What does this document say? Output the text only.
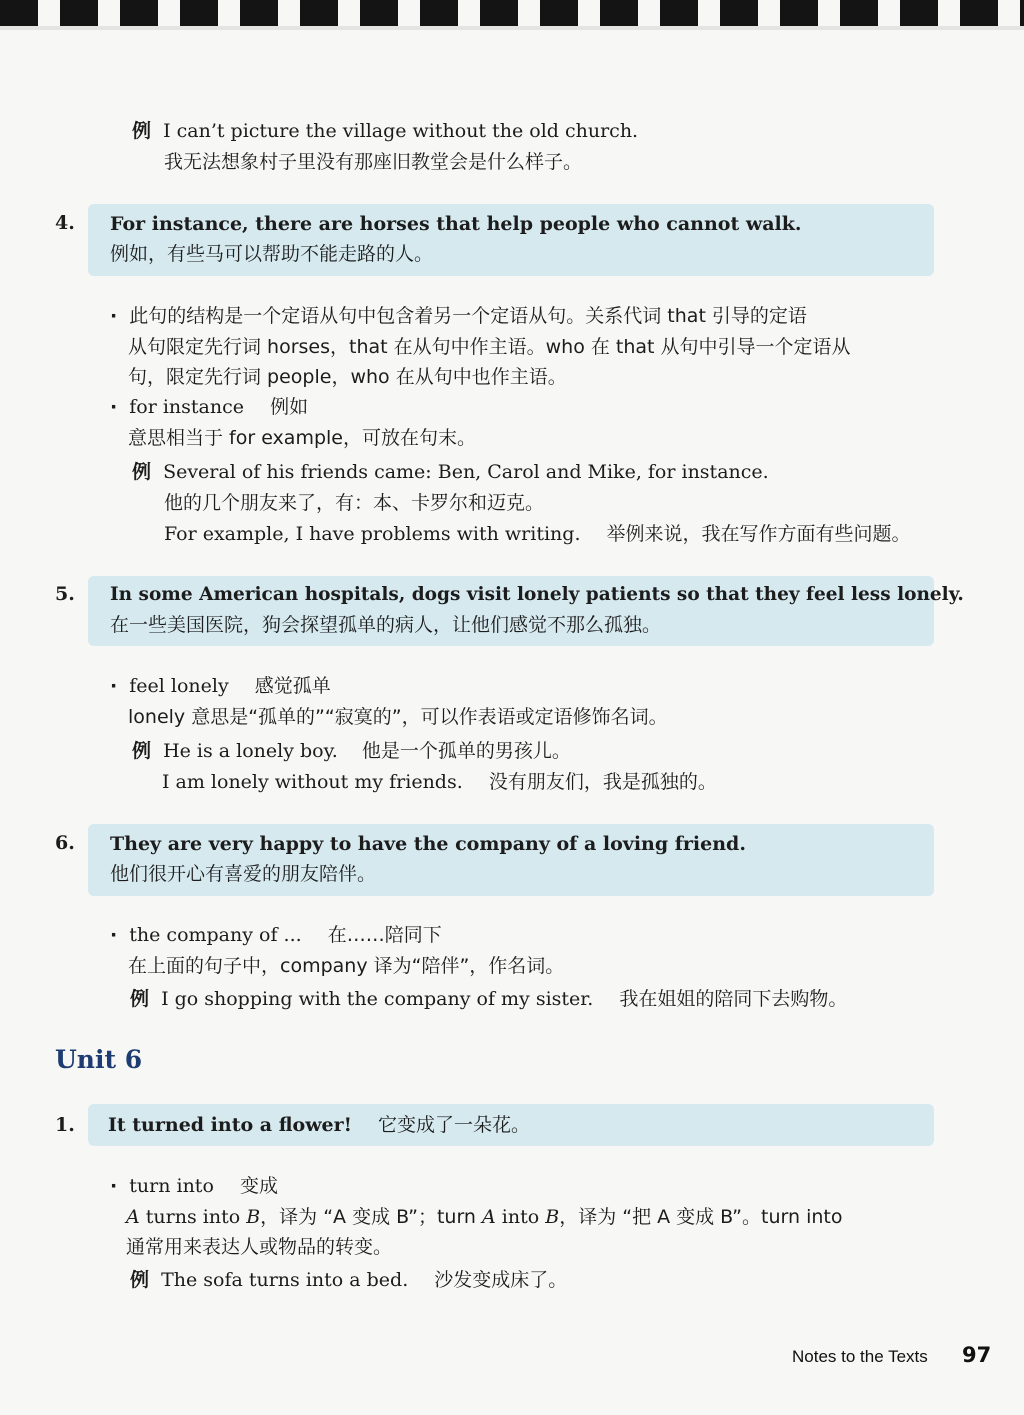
例 I can’t picture the village without the old church.
我无法想象村子里没有那座旧教堂会是什么样子。
4. For instance, there are horses that help people who cannot walk.
例如，有些马可以帮助不能走路的人。
· 此句的结构是一个定语从句中包含着另一个定语从句。关系代词 that 引导的定语
从句限定先行词 horses，that 在从句中作主语。who 在 that 从句中引导一个定语从
句，限定先行词 people，who 在从句中也作主语。
· for instance 例如
意思相当于 for example，可放在句末。
例 Several of his friends came: Ben, Carol and Mike, for instance.
他的几个朋友来了，有：本、卡罗尔和迈克。
For example, I have problems with writing. 举例来说，我在写作方面有些问题。
5. In some American hospitals, dogs visit lonely patients so that they feel less lonely.
在一些美国医院，狗会探望孤单的病人，让他们感觉不那么孤独。
· feel lonely 感觉孤单
lonely 意思是“孤单的”“寂寞的”，可以作表语或定语修饰名词。
例 He is a lonely boy. 他是一个孤单的男孩儿。
I am lonely without my friends. 没有朋友们，我是孤独的。
6. They are very happy to have the company of a loving friend.
他们很开心有喜爱的朋友陪伴。
· the company of ... 在……陪同下
在上面的句子中，company 译为“陪伴”，作名词。
例 I go shopping with the company of my sister. 我在姐姐的陪同下去购物。
Unit 6
1. It turned into a flower! 它变成了一朵花。
· turn into 变成
A turns into B，译为 “A 变成 B”；turn A into B，译为 “把 A 变成 B”。turn into
通常用来表达人或物品的转变。
例 The sofa turns into a bed. 沙发变成床了。
Notes to the Texts 97
